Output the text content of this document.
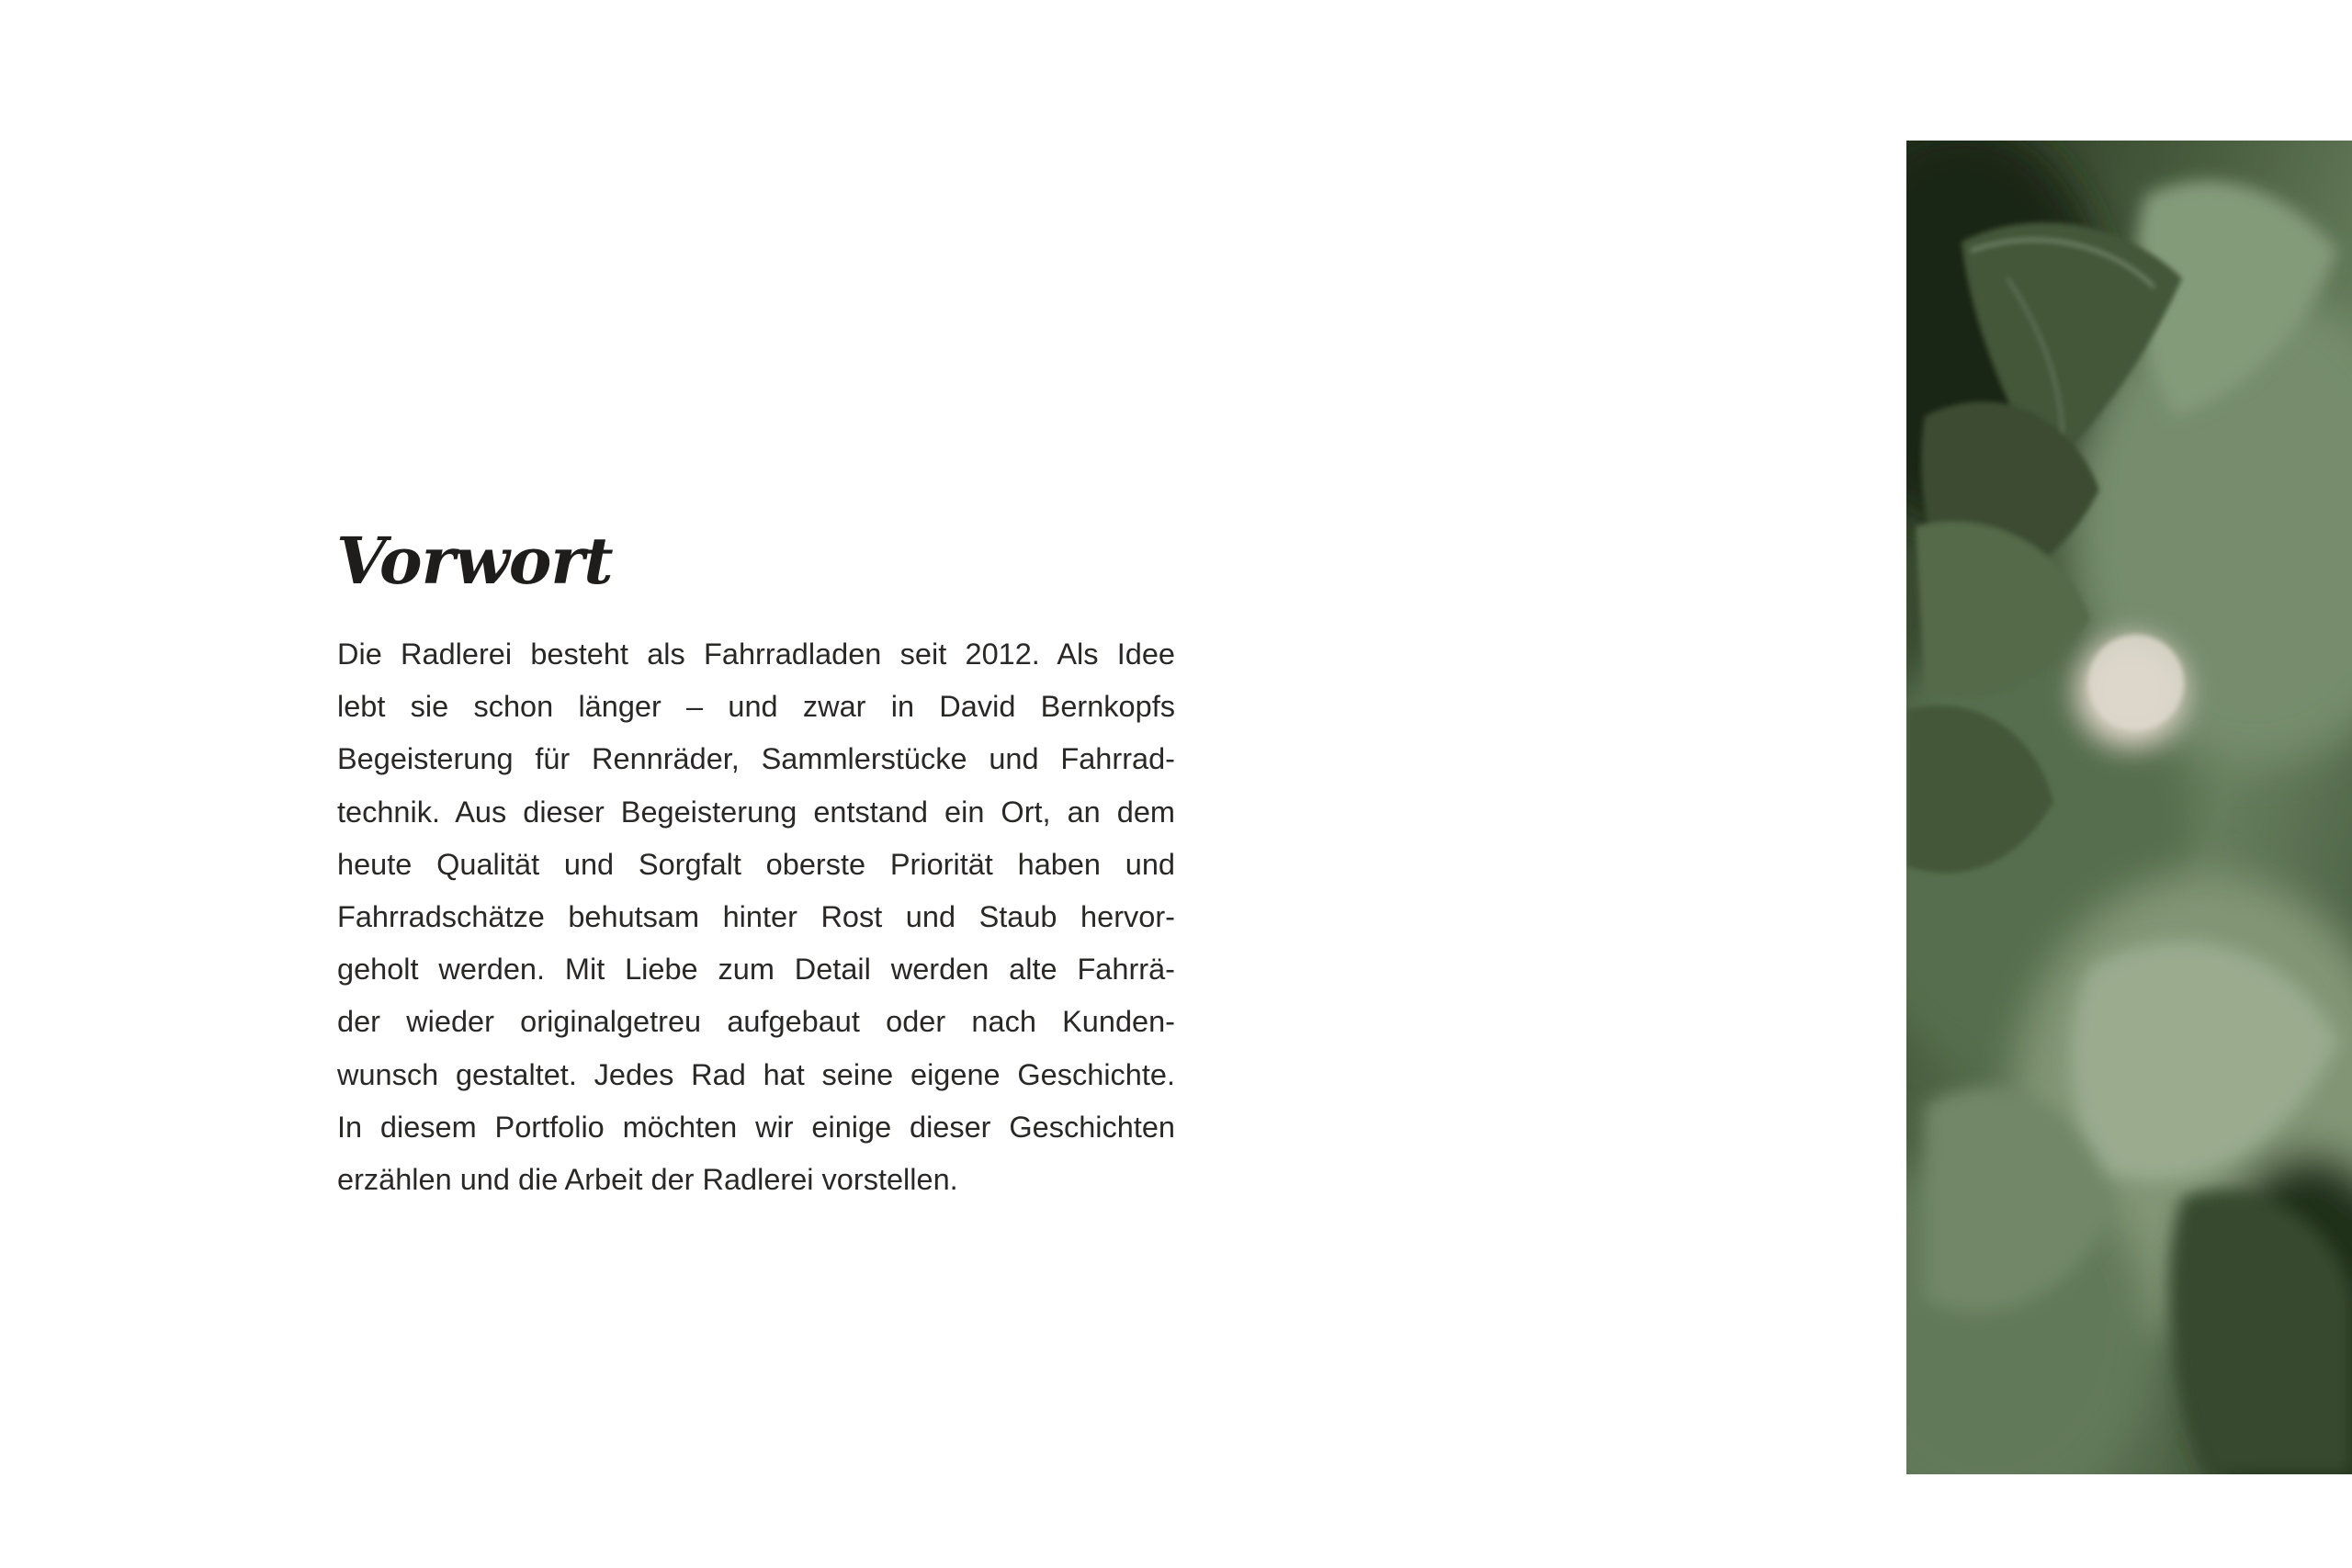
Vorwort

Die Radlerei besteht als Fahrradladen seit 2012. Als Idee
lebt sie schon länger – und zwar in David Bernkopfs
Begeisterung für Rennräder, Sammlerstücke und Fahrrad-
technik. Aus dieser Begeisterung entstand ein Ort, an dem
heute Qualität und Sorgfalt oberste Priorität haben und
Fahrradschätze behutsam hinter Rost und Staub hervor-
geholt werden. Mit Liebe zum Detail werden alte Fahrrä-
der wieder originalgetreu aufgebaut oder nach Kunden-
wunsch gestaltet. Jedes Rad hat seine eigene Geschichte.
In diesem Portfolio möchten wir einige dieser Geschichten
erzählen und die Arbeit der Radlerei vorstellen.
